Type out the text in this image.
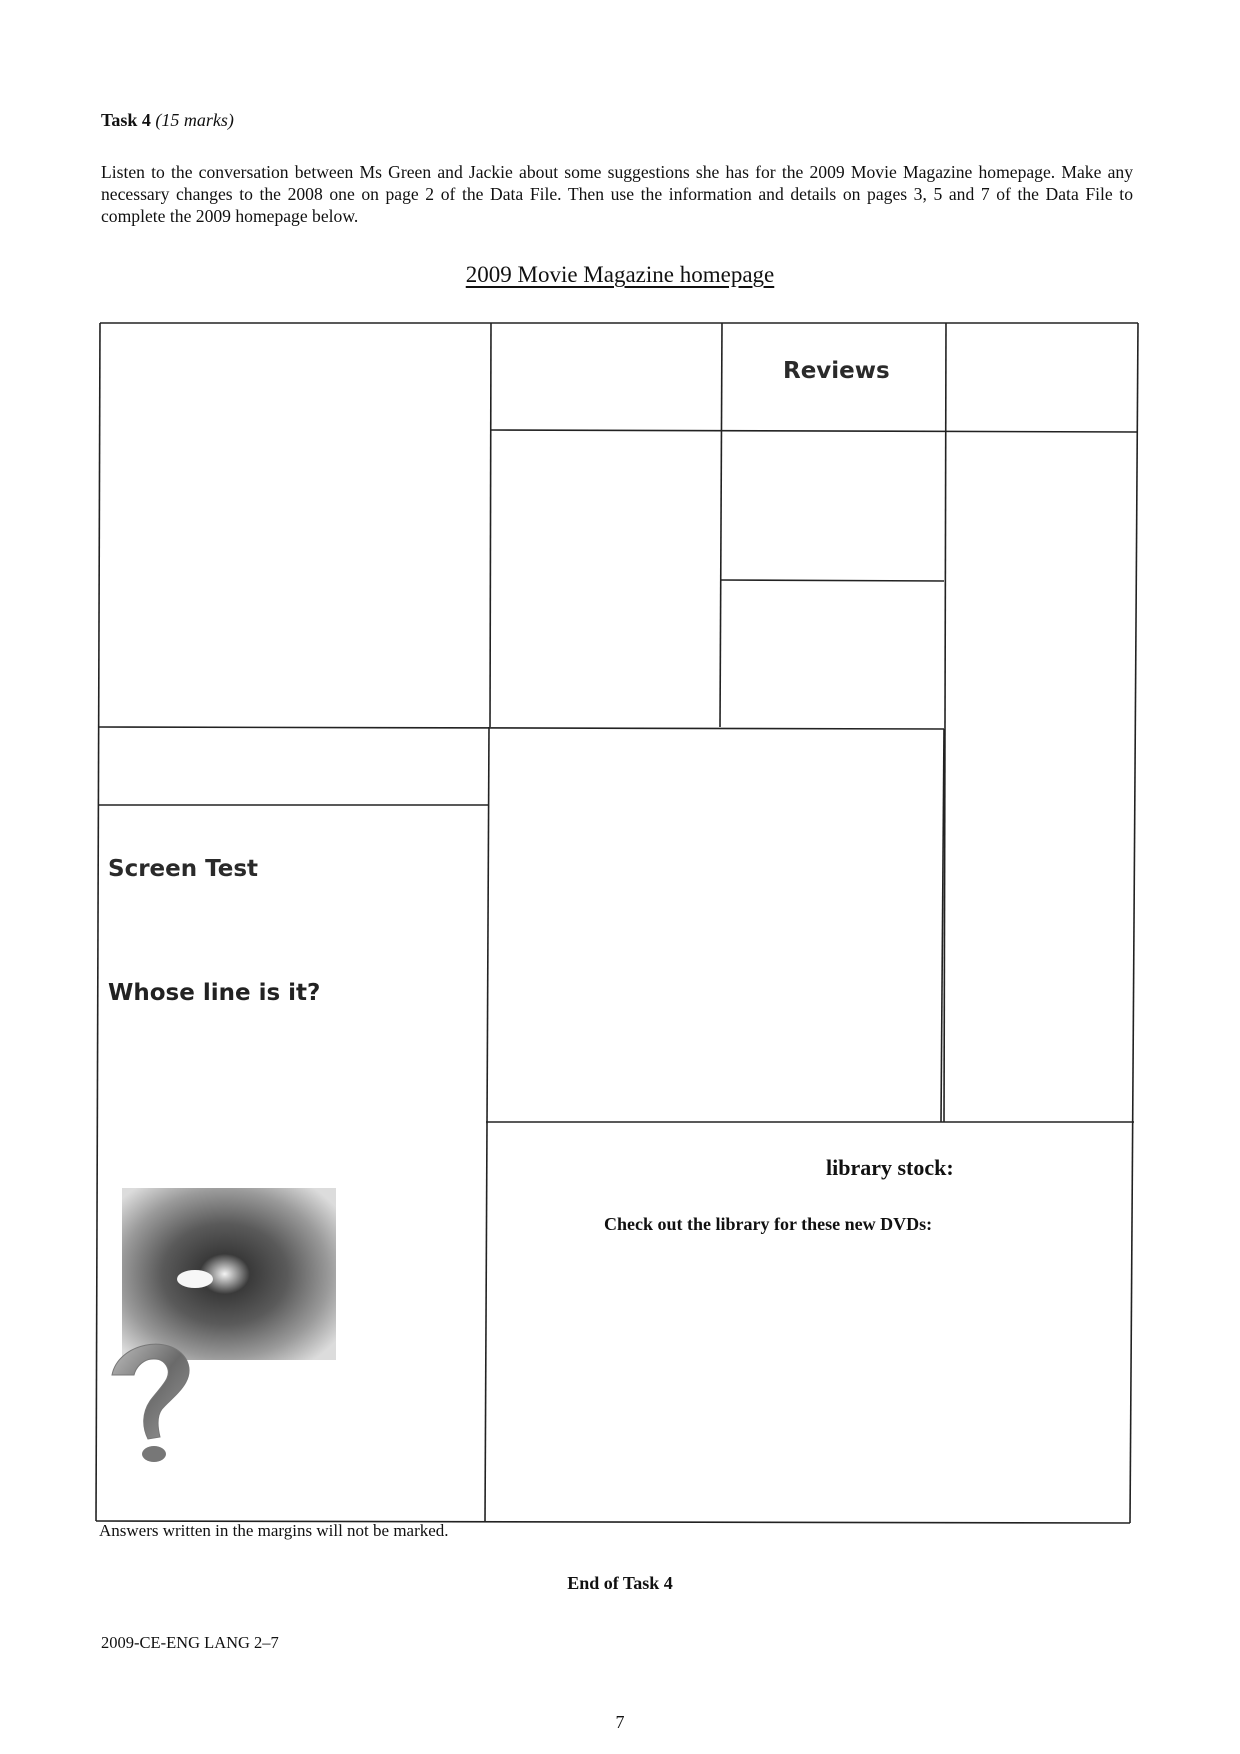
Task 4 (15 marks)

Listen to the conversation between Ms Green and Jackie about some suggestions she has for the 2009 Movie Magazine homepage. Make any necessary changes to the 2008 one on page 2 of the Data File. Then use the information and details on pages 3, 5 and 7 of the Data File to complete the 2009 homepage below.

2009 Movie Magazine homepage
Reviews
Screen Test
Whose line is it?
library stock:
Check out the library for these new DVDs:
Answers written in the margins will not be marked.
End of Task 4
2009-CE-ENG LANG 2–7
7
